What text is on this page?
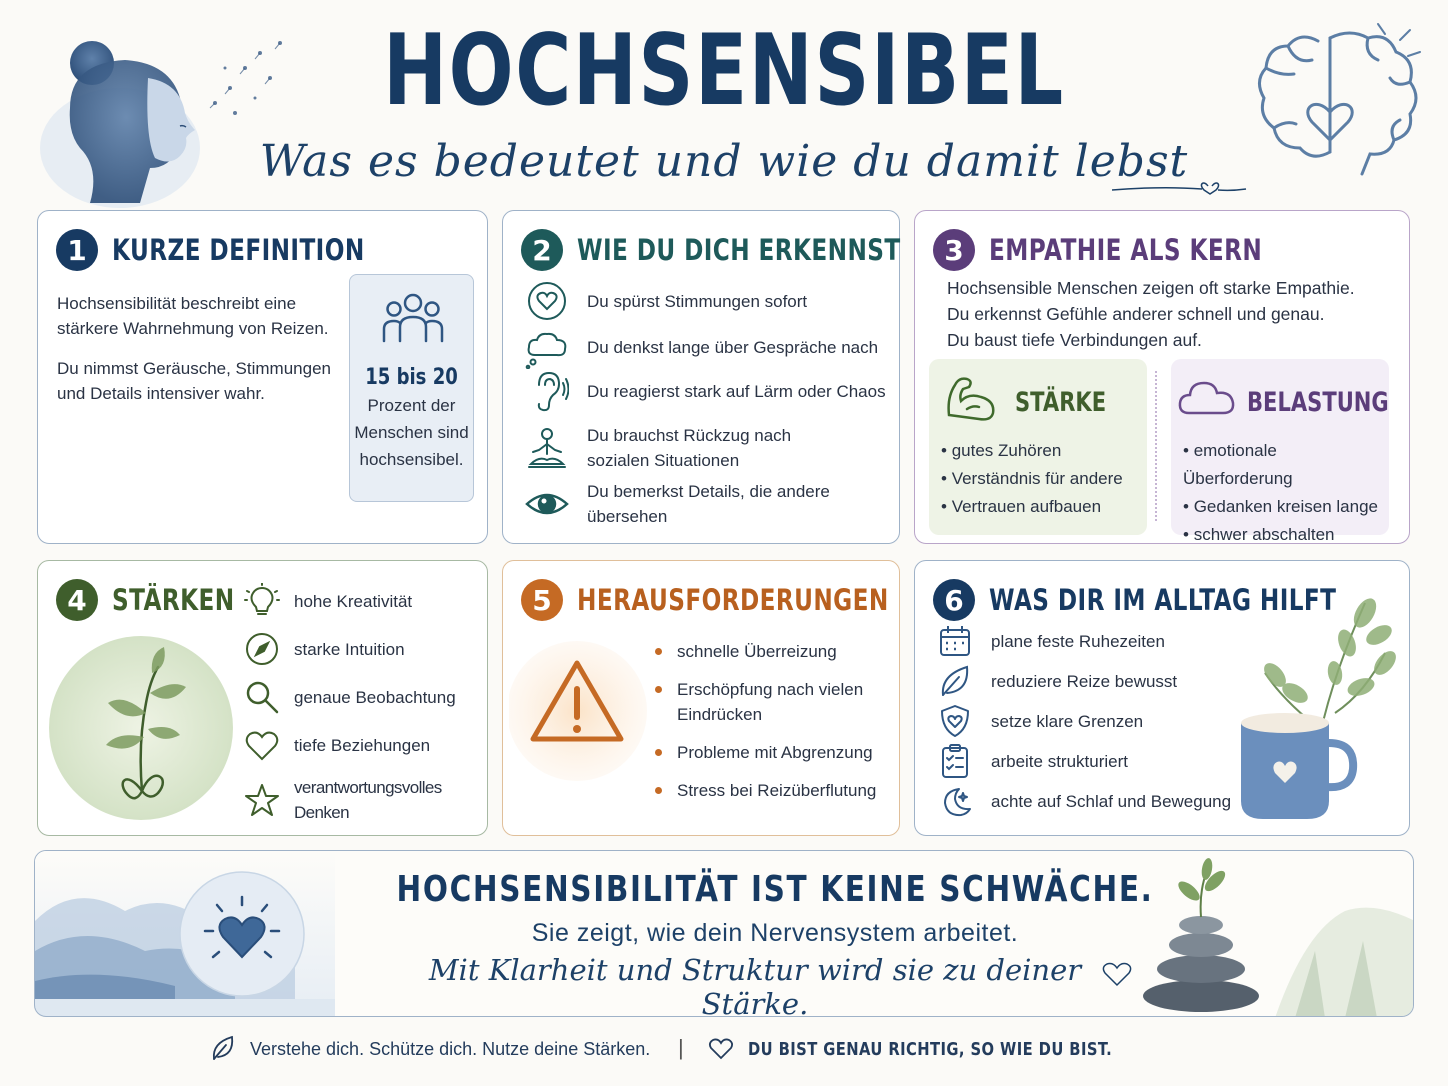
HOCHSENSIBEL
Was es bedeutet und wie du damit lebst
1 KURZE DEFINITION
Hochsensibilität beschreibt eine stärkere Wahrnehmung von Reizen.
Du nimmst Geräusche, Stimmungen und Details intensiver wahr.
15 bis 20
Prozent der Menschen sind hochsensibel.
2 WIE DU DICH ERKENNST
Du spürst Stimmungen sofort
Du denkst lange über Gespräche nach
Du reagierst stark auf Lärm oder Chaos
Du brauchst Rückzug nach sozialen Situationen
Du bemerkst Details, die andere übersehen
3 EMPATHIE ALS KERN
Hochsensible Menschen zeigen oft starke Empathie.
Du erkennst Gefühle anderer schnell und genau.
Du baust tiefe Verbindungen auf.
STÄRKE
• gutes Zuhören
• Verständnis für andere
• Vertrauen aufbauen
BELASTUNG
• emotionale Überforderung
• Gedanken kreisen lange
• schwer abschalten
4 STÄRKEN	hohe Kreativität
starke Intuition
genaue Beobachtung
tiefe Beziehungen
verantwortungsvolles Denken
5 HERAUSFORDERUNGEN
schnelle Überreizung
Erschöpfung nach vielen Eindrücken
Probleme mit Abgrenzung
Stress bei Reizüberflutung
6 WAS DIR IM ALLTAG HILFT
plane feste Ruhezeiten
reduziere Reize bewusst
setze klare Grenzen
arbeite strukturiert
achte auf Schlaf und Bewegung
HOCHSENSIBILITÄT IST KEINE SCHWÄCHE.
Sie zeigt, wie dein Nervensystem arbeitet.
Mit Klarheit und Struktur wird sie zu deiner Stärke.
Verstehe dich. Schütze dich. Nutze deine Stärken. |	DU BIST GENAU RICHTIG, SO WIE DU BIST.
